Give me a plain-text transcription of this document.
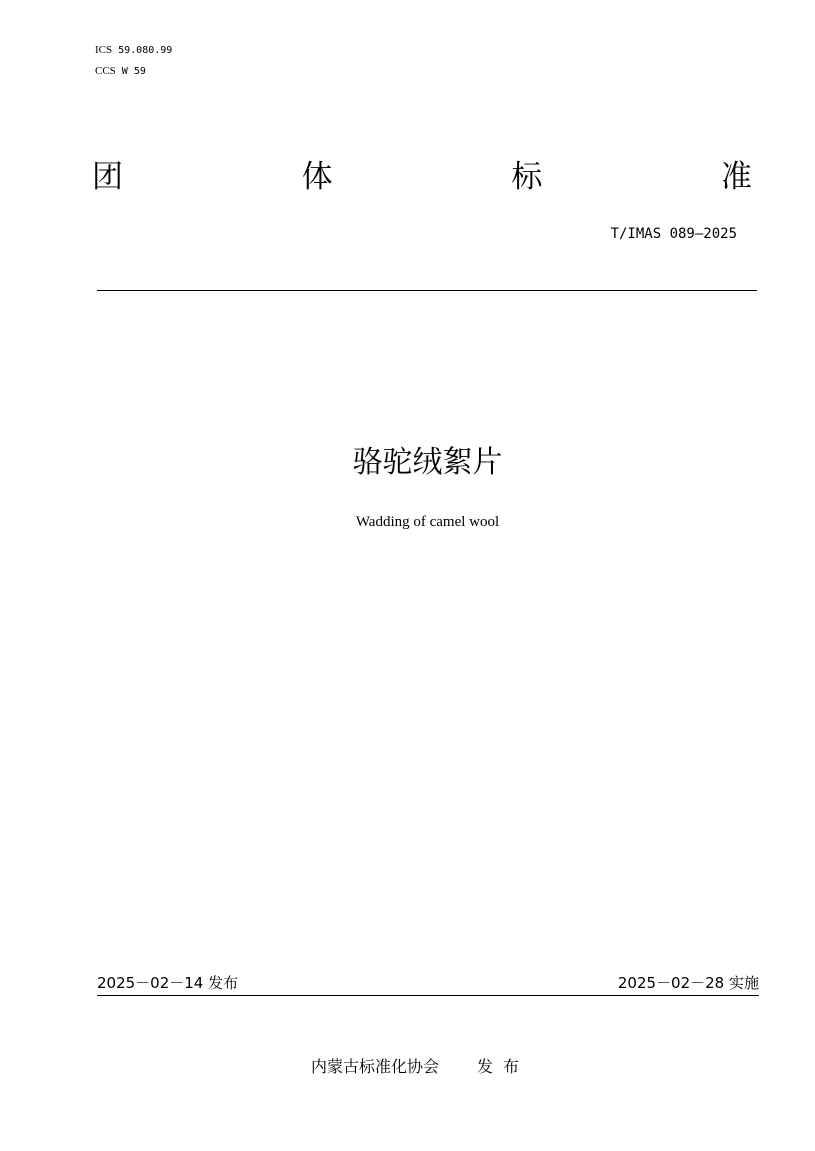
ICS 59.080.99
CCS W 59
团	体	标	准
T/IMAS 089—2025
骆驼绒絮片
Wadding of camel wool
2025－02－14 发布	2025－02－28 实施
内蒙古标准化协会 发 布
